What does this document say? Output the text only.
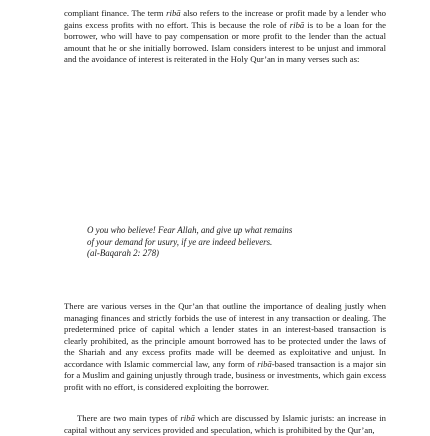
compliant finance. The term ribā also refers to the increase or profit made by a lender who gains excess profits with no effort. This is because the role of ribā is to be a loan for the borrower, who will have to pay compensation or more profit to the lender than the actual amount that he or she initially borrowed. Islam considers interest to be unjust and immoral and the avoidance of interest is reiterated in the Holy Qur’an in many verses such as:

O you who believe! Fear Allah, and give up what remains
of your demand for usury, if ye are indeed believers.
(al-Baqarah 2: 278)

There are various verses in the Qur’an that outline the importance of dealing justly when managing finances and strictly forbids the use of interest in any transaction or dealing. The predetermined price of capital which a lender states in an interest-based transaction is clearly prohibited, as the principle amount borrowed has to be protected under the laws of the Shariah and any excess profits made will be deemed as exploitative and unjust. In accordance with Islamic commercial law, any form of ribā-based transaction is a major sin for a Muslim and gaining unjustly through trade, business or investments, which gain excess profit with no effort, is considered exploiting the borrower.

There are two main types of ribā which are discussed by Islamic jurists: an increase in capital without any services provided and speculation, which is prohibited by the Qur’an,
